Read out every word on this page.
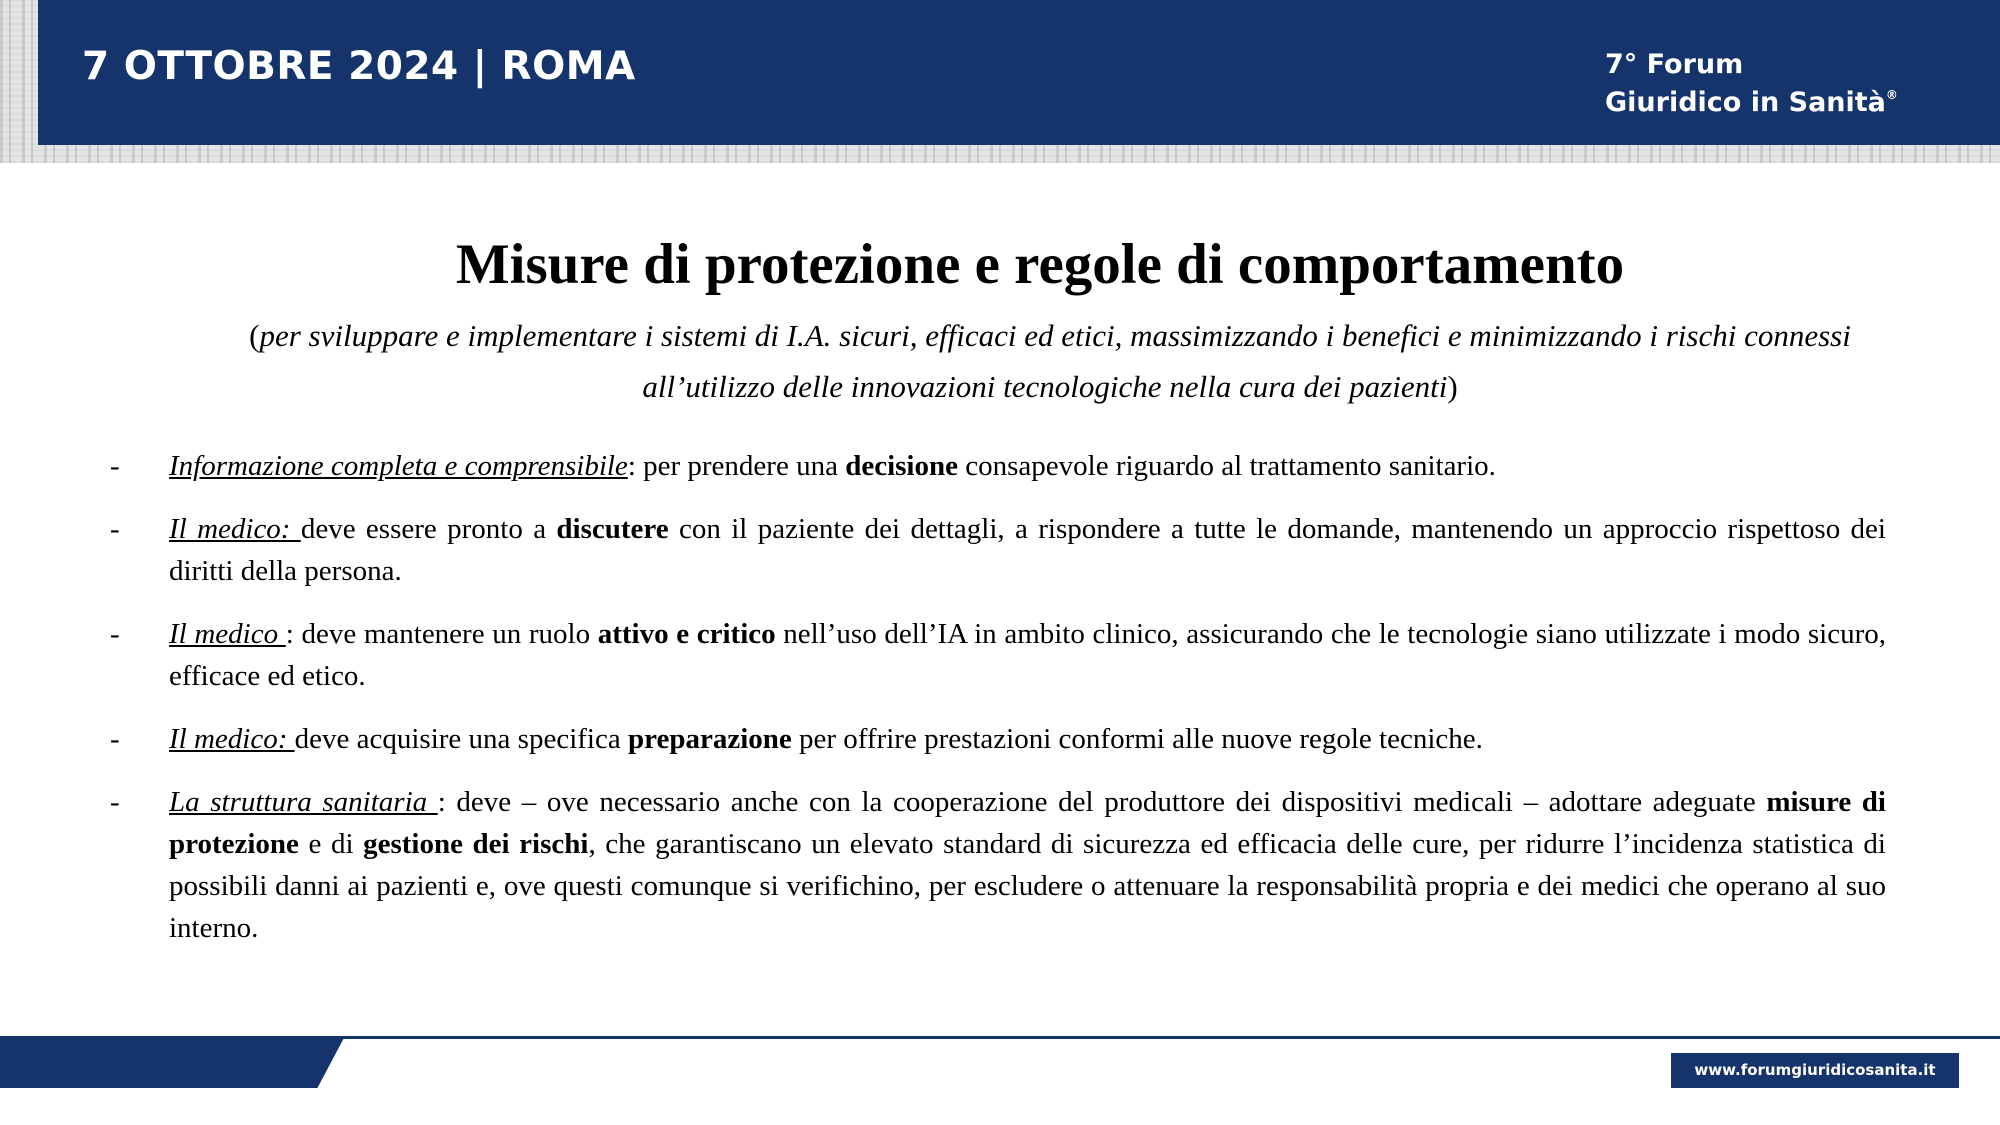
7 OTTOBRE 2024 | ROMA	7° Forum
Giuridico in Sanità®
Misure di protezione e regole di comportamento
(per sviluppare e implementare i sistemi di I.A. sicuri, efficaci ed etici, massimizzando i benefici e minimizzando i rischi connessi all’utilizzo delle innovazioni tecnologiche nella cura dei pazienti)
- Informazione completa e comprensibile: per prendere una decisione consapevole riguardo al trattamento sanitario.
- Il medico: deve essere pronto a discutere con il paziente dei dettagli, a rispondere a tutte le domande, mantenendo un approccio rispettoso dei diritti della persona.
- Il medico : deve mantenere un ruolo attivo e critico nell’uso dell’IA in ambito clinico, assicurando che le tecnologie siano utilizzate i modo sicuro, efficace ed etico.
- Il medico: deve acquisire una specifica preparazione per offrire prestazioni conformi alle nuove regole tecniche.
- La struttura sanitaria : deve – ove necessario anche con la cooperazione del produttore dei dispositivi medicali – adottare adeguate misure di protezione e di gestione dei rischi, che garantiscano un elevato standard di sicurezza ed efficacia delle cure, per ridurre l’incidenza statistica di possibili danni ai pazienti e, ove questi comunque si verifichino, per escludere o attenuare la responsabilità propria e dei medici che operano al suo interno.
www.forumgiuridicosanita.it
